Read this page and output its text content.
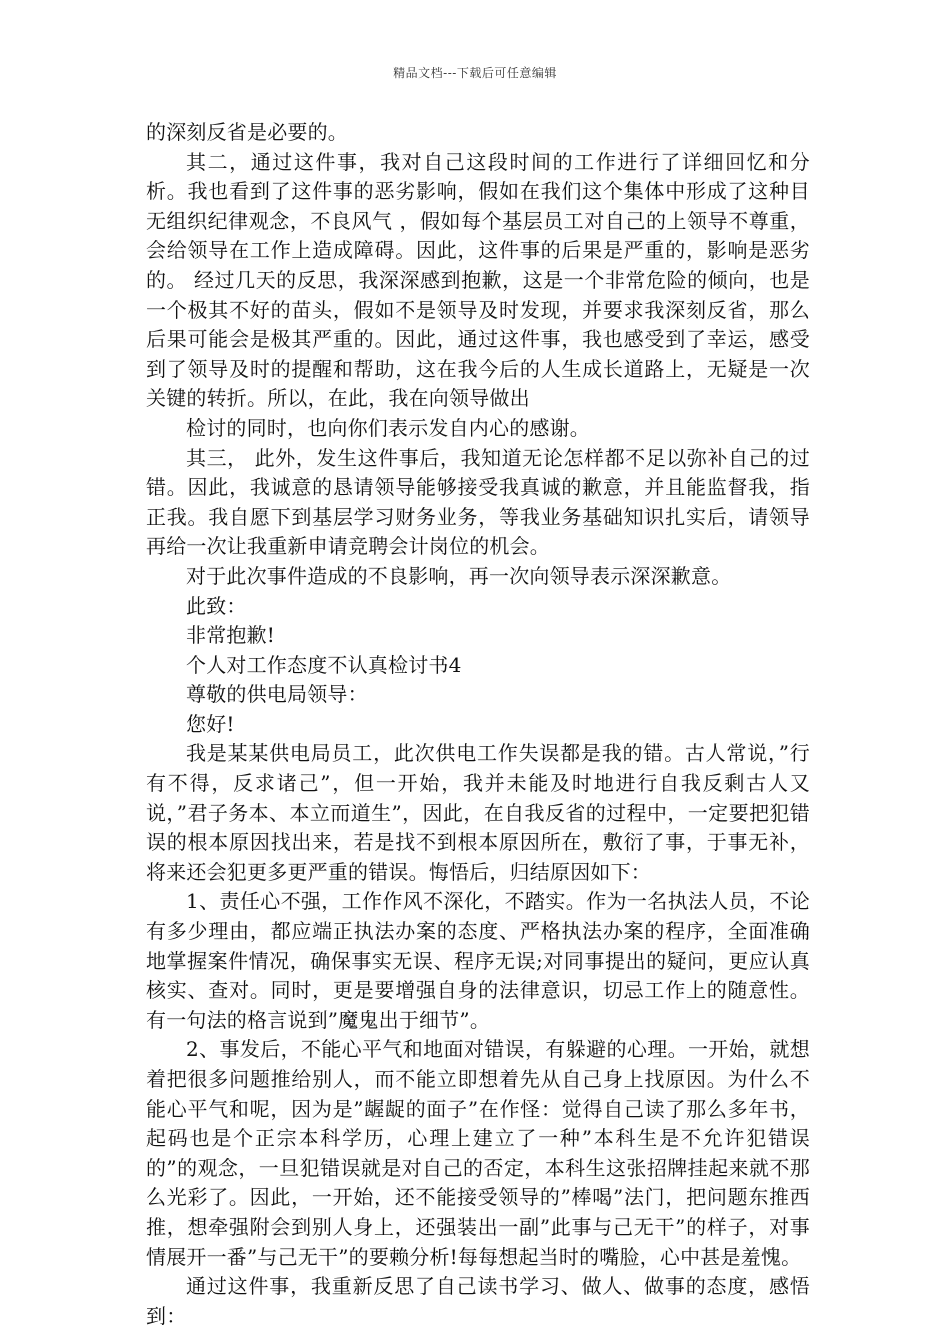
精品文档---下载后可任意编辑

的深刻反省是必要的。

其二，通过这件事，我对自己这段时间的工作进行了详细回忆和分析。我也看到了这件事的恶劣影响，假如在我们这个集体中形成了这种目无组织纪律观念，不良风气 ，假如每个基层员工对自己的上领导不尊重，会给领导在工作上造成障碍。因此，这件事的后果是严重的，影响是恶劣的。 经过几天的反思，我深深感到抱歉，这是一个非常危险的倾向，也是一个极其不好的苗头，假如不是领导及时发现，并要求我深刻反省，那么后果可能会是极其严重的。因此，通过这件事，我也感受到了幸运，感受到了领导及时的提醒和帮助，这在我今后的人生成长道路上，无疑是一次关键的转折。所以，在此，我在向领导做出

检讨的同时，也向你们表示发自内心的感谢。

其三， 此外，发生这件事后，我知道无论怎样都不足以弥补自己的过错。因此，我诚意的恳请领导能够接受我真诚的歉意，并且能监督我，指正我。我自愿下到基层学习财务业务，等我业务基础知识扎实后，请领导再给一次让我重新申请竞聘会计岗位的机会。

对于此次事件造成的不良影响，再一次向领导表示深深歉意。

此致：

非常抱歉!

个人对工作态度不认真检讨书4

尊敬的供电局领导：

您好!

我是某某供电局员工，此次供电工作失误都是我的错。古人常说，”行有不得，反求诸己”，但一开始，我并未能及时地进行自我反剩古人又说，”君子务本、本立而道生”，因此，在自我反省的过程中，一定要把犯错误的根本原因找出来，若是找不到根本原因所在，敷衍了事，于事无补，将来还会犯更多更严重的错误。悔悟后，归结原因如下：

1、责任心不强，工作作风不深化，不踏实。作为一名执法人员，不论有多少理由，都应端正执法办案的态度、严格执法办案的程序，全面准确地掌握案件情况，确保事实无误、程序无误;对同事提出的疑问，更应认真核实、查对。同时，更是要增强自身的法律意识，切忌工作上的随意性。有一句法的格言说到”魔鬼出于细节”。

2、事发后，不能心平气和地面对错误，有躲避的心理。一开始，就想着把很多问题推给别人，而不能立即想着先从自己身上找原因。为什么不能心平气和呢，因为是”龌龊的面子”在作怪：觉得自己读了那么多年书，起码也是个正宗本科学历，心理上建立了一种”本科生是不允许犯错误的”的观念，一旦犯错误就是对自己的否定，本科生这张招牌挂起来就不那么光彩了。因此，一开始，还不能接受领导的”棒喝”法门，把问题东推西推，想牵强附会到别人身上，还强装出一副”此事与己无干”的样子，对事情展开一番”与己无干”的要赖分析!每每想起当时的嘴脸，心中甚是羞愧。

通过这件事，我重新反思了自己读书学习、做人、做事的态度，感悟到：
